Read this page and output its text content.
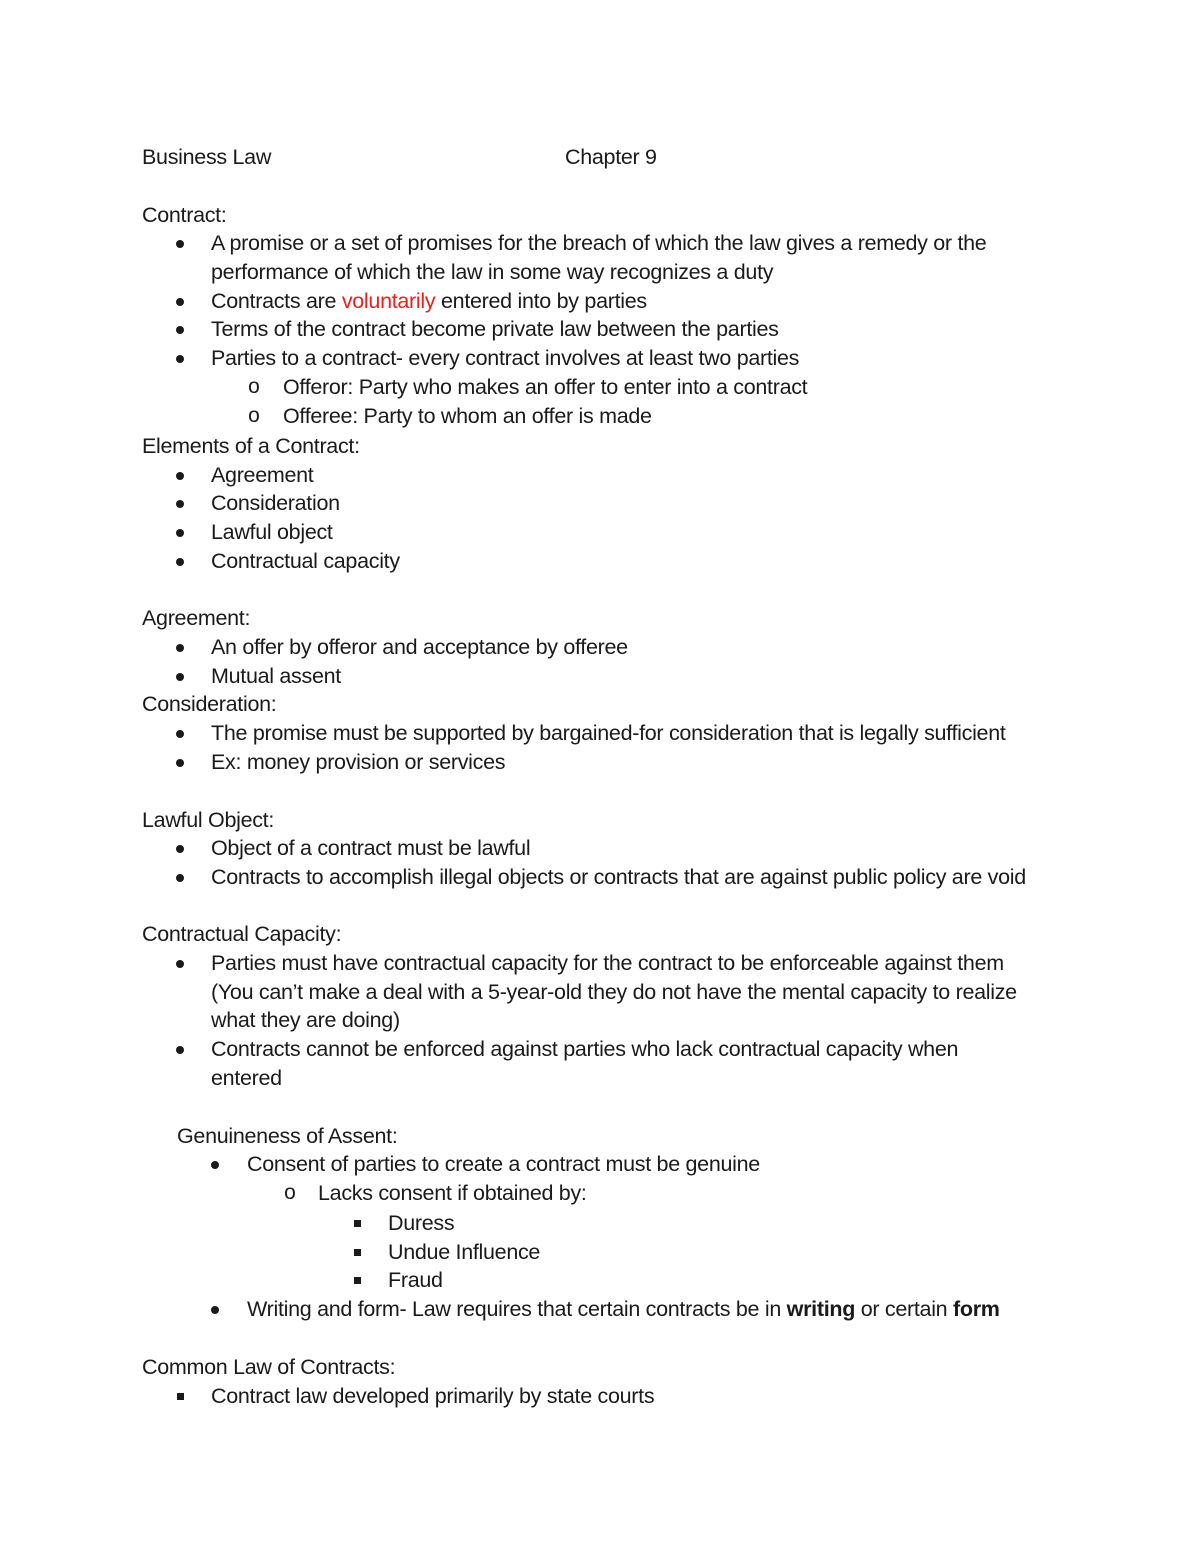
Business Law	Chapter 9
Contract:
A promise or a set of promises for the breach of which the law gives a remedy or the
performance of which the law in some way recognizes a duty
Contracts are voluntarily entered into by parties
Terms of the contract become private law between the parties
Parties to a contract- every contract involves at least two parties
o Offeror: Party who makes an offer to enter into a contract
o Offeree: Party to whom an offer is made
Elements of a Contract:
Agreement
Consideration
Lawful object
Contractual capacity
Agreement:
An offer by offeror and acceptance by offeree
Mutual assent
Consideration:
The promise must be supported by bargained-for consideration that is legally sufficient
Ex: money provision or services
Lawful Object:
Object of a contract must be lawful
Contracts to accomplish illegal objects or contracts that are against public policy are void
Contractual Capacity:
Parties must have contractual capacity for the contract to be enforceable against them
(You can’t make a deal with a 5-year-old they do not have the mental capacity to realize
what they are doing)
Contracts cannot be enforced against parties who lack contractual capacity when
entered
Genuineness of Assent:
Consent of parties to create a contract must be genuine
o Lacks consent if obtained by:
Duress
Undue Influence
Fraud
Writing and form- Law requires that certain contracts be in writing or certain form
Common Law of Contracts:
Contract law developed primarily by state courts
